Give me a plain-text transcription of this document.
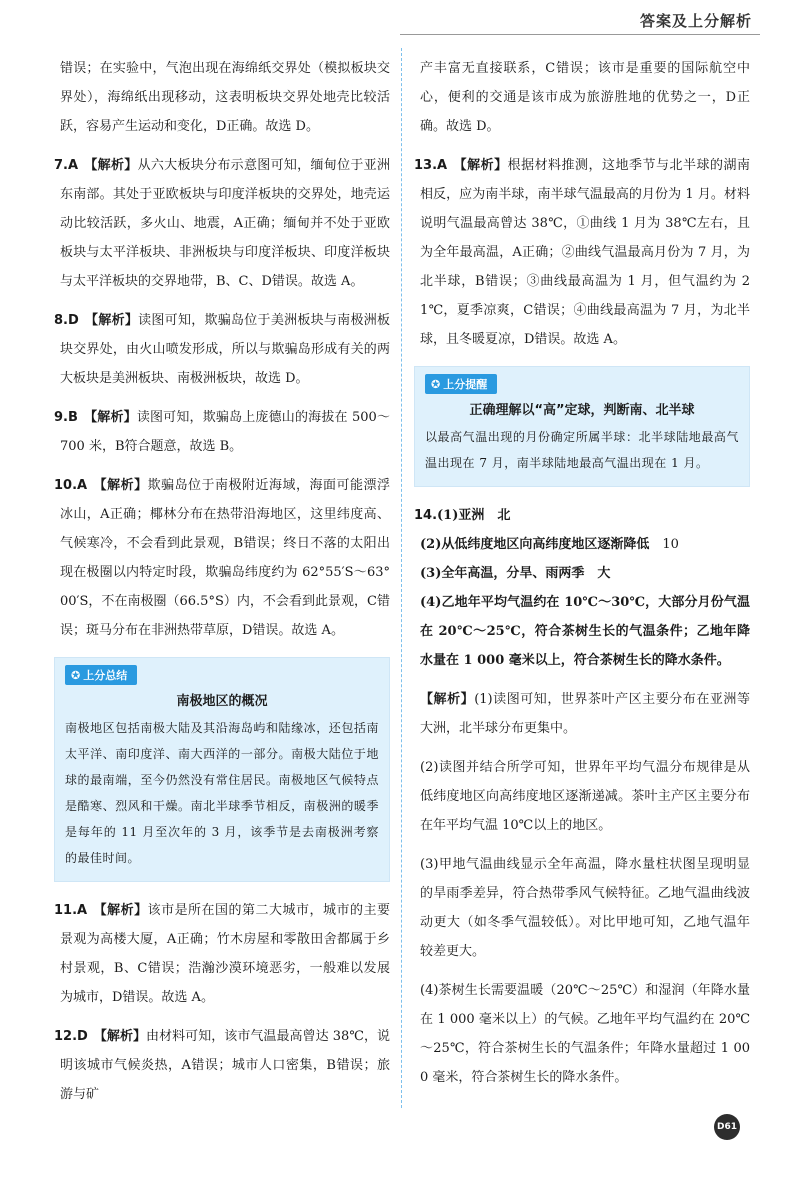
答案及上分解析

错误；在实验中，气泡出现在海绵纸交界处（模拟板块交界处），海绵纸出现移动，这表明板块交界处地壳比较活跃，容易产生运动和变化，D正确。故选 D。

7.A 【解析】从六大板块分布示意图可知，缅甸位于亚洲东南部。其处于亚欧板块与印度洋板块的交界处，地壳运动比较活跃，多火山、地震，A正确；缅甸并不处于亚欧板块与太平洋板块、非洲板块与印度洋板块、印度洋板块与太平洋板块的交界地带，B、C、D错误。故选 A。

8.D 【解析】读图可知，欺骗岛位于美洲板块与南极洲板块交界处，由火山喷发形成，所以与欺骗岛形成有关的两大板块是美洲板块、南极洲板块，故选 D。

9.B 【解析】读图可知，欺骗岛上庞德山的海拔在 500～700 米，B符合题意，故选 B。

10.A 【解析】欺骗岛位于南极附近海域，海面可能漂浮冰山，A正确；椰林分布在热带沿海地区，这里纬度高、气候寒冷，不会看到此景观，B错误；终日不落的太阳出现在极圈以内特定时段，欺骗岛纬度约为 62°55′S～63°00′S，不在南极圈（66.5°S）内，不会看到此景观，C错误；斑马分布在非洲热带草原，D错误。故选 A。

✪ 上分总结
南极地区的概况
南极地区包括南极大陆及其沿海岛屿和陆缘冰，还包括南太平洋、南印度洋、南大西洋的一部分。南极大陆位于地球的最南端，至今仍然没有常住居民。南极地区气候特点是酷寒、烈风和干燥。南北半球季节相反，南极洲的暖季是每年的 11 月至次年的 3 月，该季节是去南极洲考察的最佳时间。

11.A 【解析】该市是所在国的第二大城市，城市的主要景观为高楼大厦，A正确；竹木房屋和零散田舍都属于乡村景观，B、C错误；浩瀚沙漠环境恶劣，一般难以发展为城市，D错误。故选 A。

12.D 【解析】由材料可知，该市气温最高曾达 38℃，说明该城市气候炎热，A错误；城市人口密集，B错误；旅游与矿

产丰富无直接联系，C错误；该市是重要的国际航空中心，便利的交通是该市成为旅游胜地的优势之一，D正确。故选 D。

13.A 【解析】根据材料推测，这地季节与北半球的湖南相反，应为南半球，南半球气温最高的月份为 1 月。材料说明气温最高曾达 38℃，①曲线 1 月为 38℃左右，且为全年最高温，A正确；②曲线气温最高月份为 7 月，为北半球，B错误；③曲线最高温为 1 月，但气温约为 21℃，夏季凉爽，C错误；④曲线最高温为 7 月，为北半球，且冬暖夏凉，D错误。故选 A。

✪ 上分提醒
正确理解以“高”定球，判断南、北半球
以最高气温出现的月份确定所属半球：北半球陆地最高气温出现在 7 月，南半球陆地最高气温出现在 1 月。

14.(1)亚洲　北

(2)从低纬度地区向高纬度地区逐渐降低　10

(3)全年高温，分旱、雨两季　大

(4)乙地年平均气温约在 10℃～30℃，大部分月份气温在 20℃～25℃，符合茶树生长的气温条件；乙地年降水量在 1 000 毫米以上，符合茶树生长的降水条件。

【解析】(1)读图可知，世界茶叶产区主要分布在亚洲等大洲，北半球分布更集中。

(2)读图并结合所学可知，世界年平均气温分布规律是从低纬度地区向高纬度地区逐渐递减。茶叶主产区主要分布在年平均气温 10℃以上的地区。

(3)甲地气温曲线显示全年高温，降水量柱状图呈现明显的旱雨季差异，符合热带季风气候特征。乙地气温曲线波动更大（如冬季气温较低）。对比甲地可知，乙地气温年较差更大。

(4)茶树生长需要温暖（20℃～25℃）和湿润（年降水量在 1 000 毫米以上）的气候。乙地年平均气温约在 20℃～25℃，符合茶树生长的气温条件；年降水量超过 1 000 毫米，符合茶树生长的降水条件。

D61
